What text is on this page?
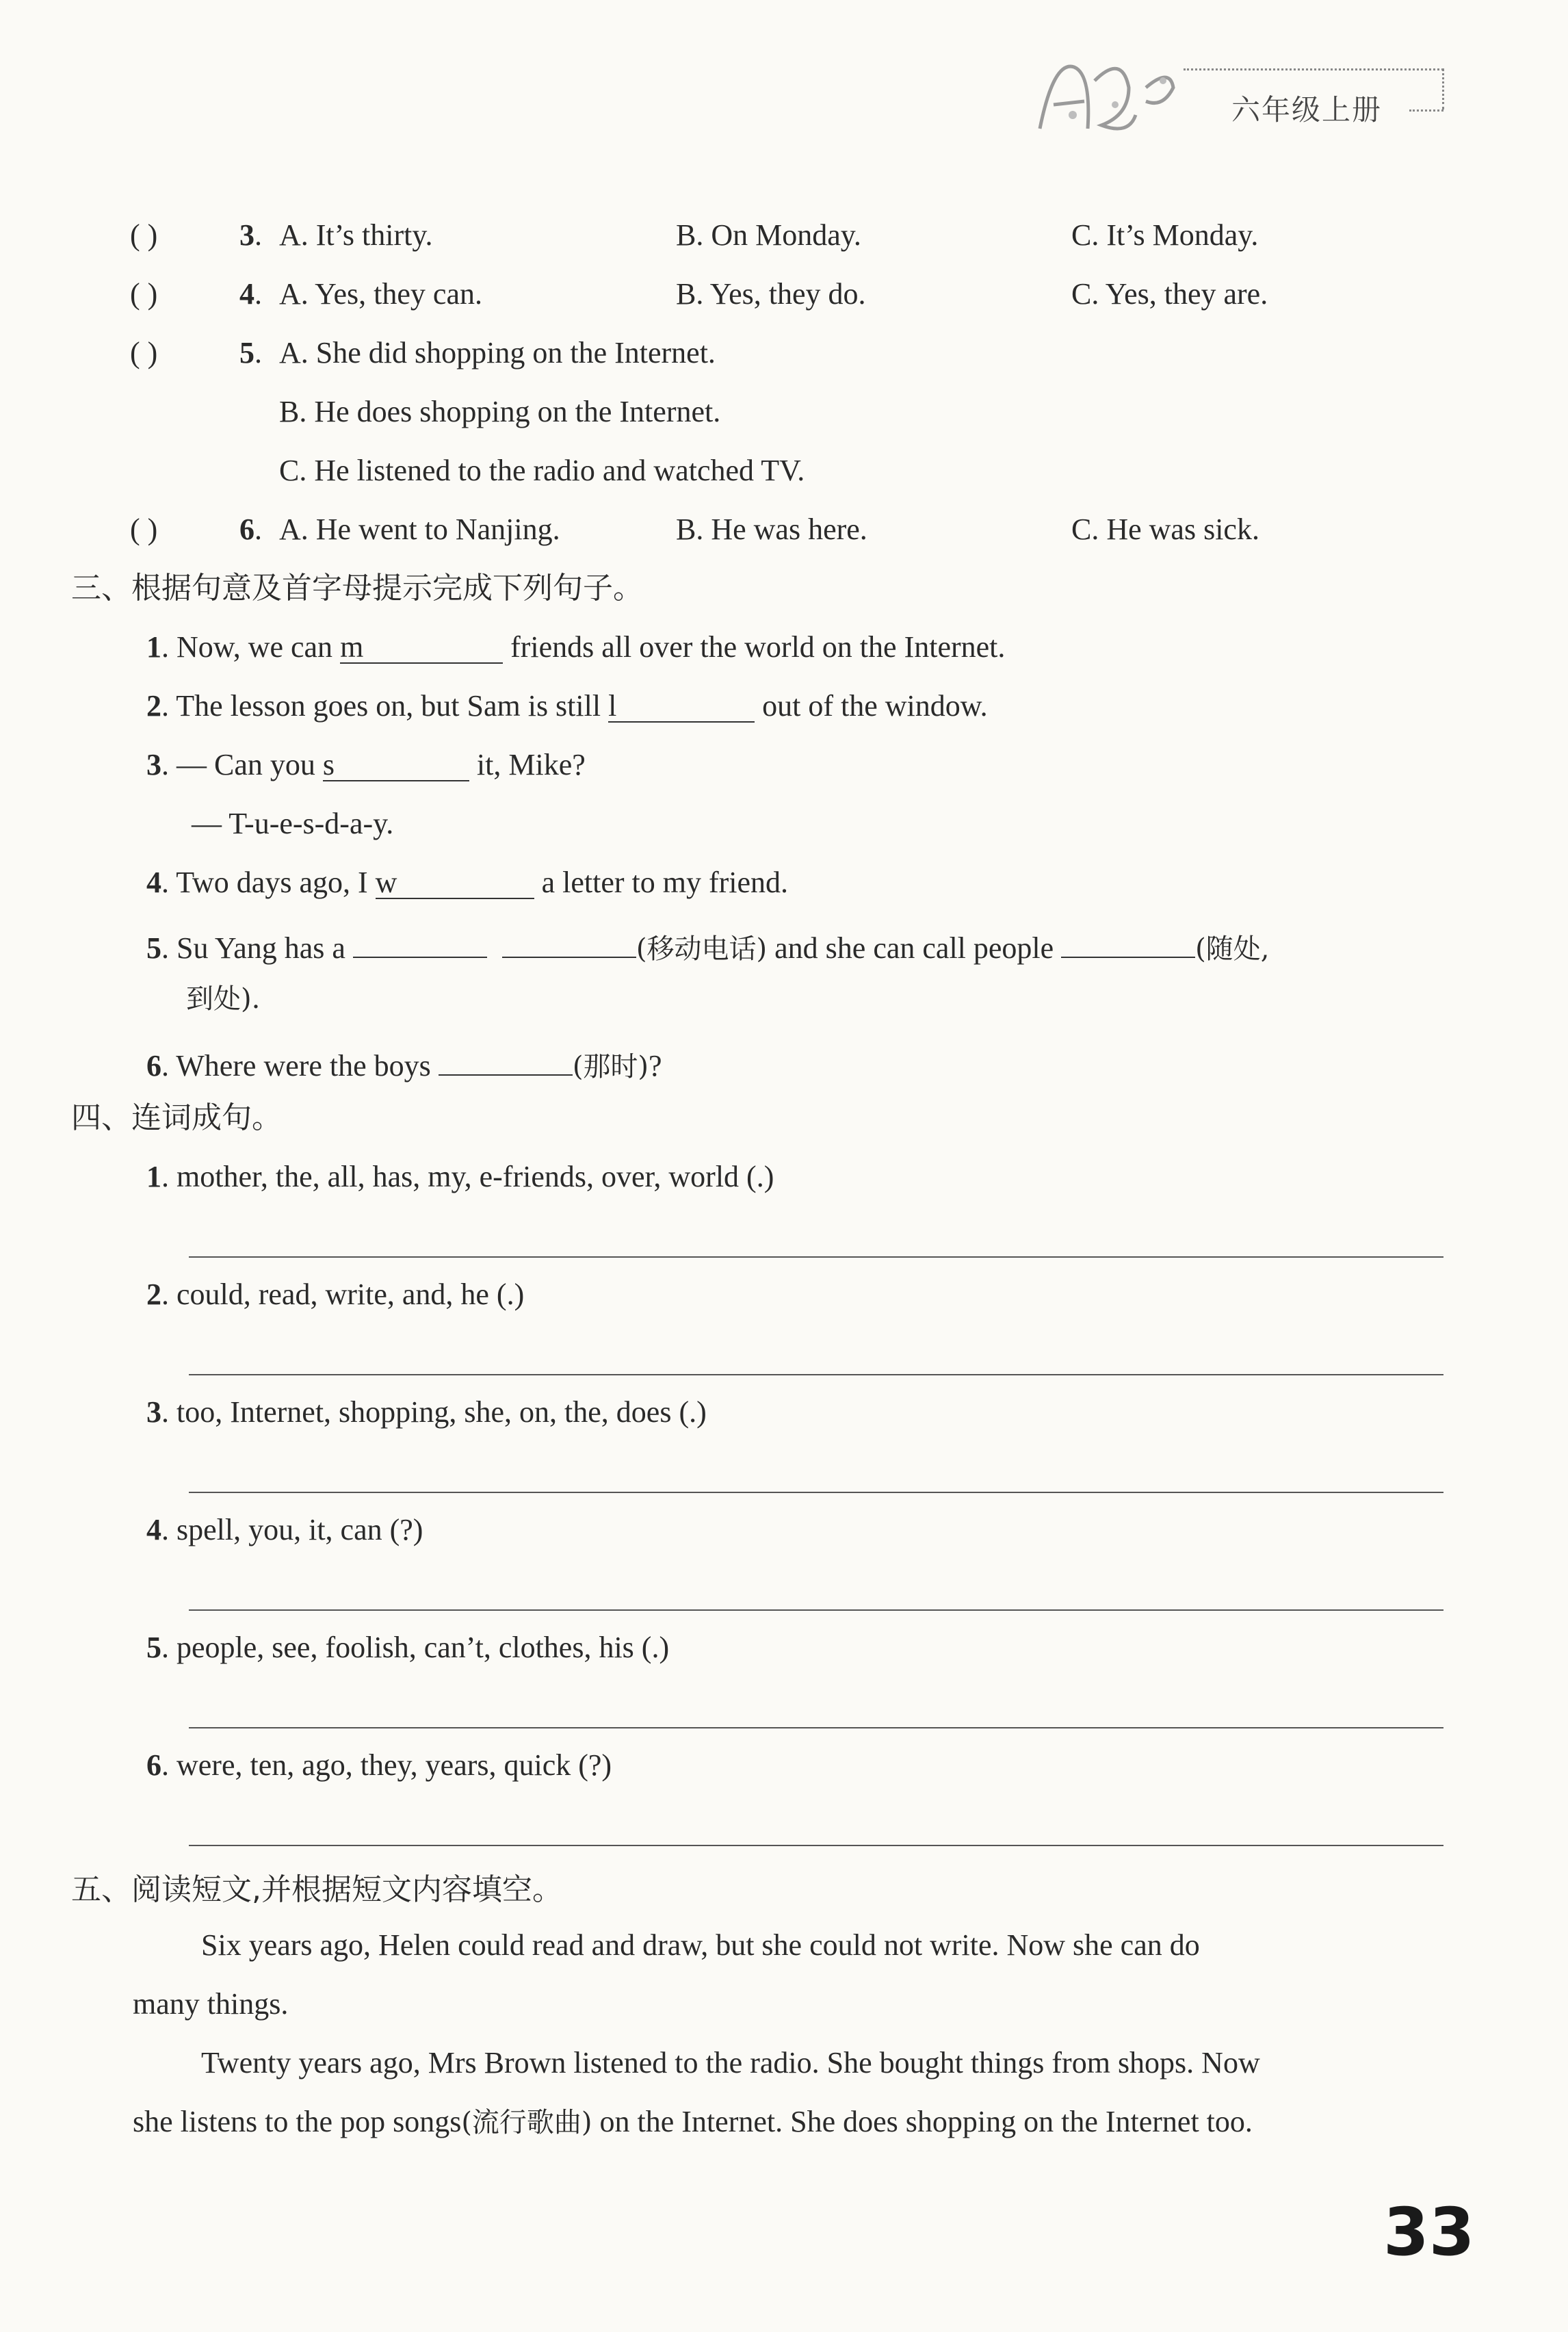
六年级上册
( )	3. A. It’s thirty.	B. On Monday.	C. It’s Monday.
( )	4. A. Yes, they can.	B. Yes, they do.	C. Yes, they are.
( )	5. A. She did shopping on the Internet.
B. He does shopping on the Internet.
C. He listened to the radio and watched TV.
( )	6. A. He went to Nanjing.	B. He was here.	C. He was sick.
三、根据句意及首字母提示完成下列句子。
1. Now, we can m	friends all over the world on the Internet.
2. The lesson goes on, but Sam is still l	out of the window.
3. — Can you s	it, Mike?
— T-u-e-s-d-a-y.
4. Two days ago, I w	a letter to my friend.
5. Su Yang has a	(移动电话) and she can call people	(随处,
到处).
6. Where were the boys	(那时)?
四、连词成句。
1. mother, the, all, has, my, e-friends, over, world (.)
2. could, read, write, and, he (.)
3. too, Internet, shopping, she, on, the, does (.)
4. spell, you, it, can (?)
5. people, see, foolish, can’t, clothes, his (.)
6. were, ten, ago, they, years, quick (?)
五、阅读短文,并根据短文内容填空。
Six years ago, Helen could read and draw, but she could not write. Now she can do
many things.
Twenty years ago, Mrs Brown listened to the radio. She bought things from shops. Now
she listens to the pop songs(流行歌曲) on the Internet. She does shopping on the Internet too.
33
